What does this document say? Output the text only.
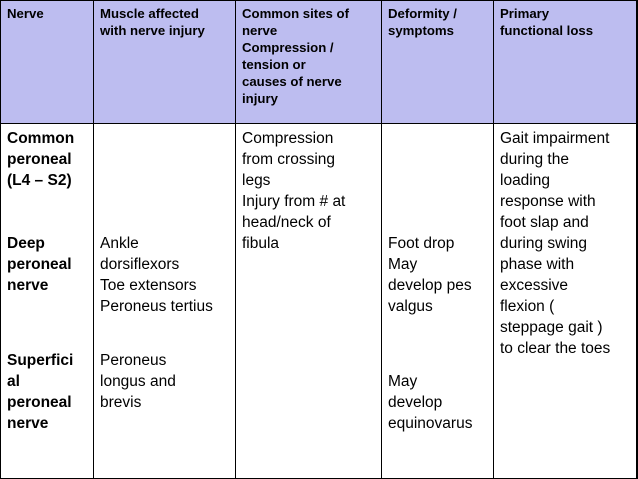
Nerve	Muscle affected
with nerve injury
Common sites of
nerve
Compression /
tension or
causes of nerve
injury
Deformity /
symptoms
Primary
functional loss
Common
peroneal
(L4 – S2)
Deep
peroneal
nerve
Superfici
al
peroneal
nerve
Ankle
dorsiflexors
Toe extensors
Peroneus tertius
Peroneus
longus and
brevis
Compression
from crossing
legs
Injury from # at
head/neck of
fibula	Foot drop
May
develop pes
valgus
May
develop
equinovarus
Gait impairment
during the
loading
response with
foot slap and
during swing
phase with
excessive
flexion (
steppage gait )
to clear the toes
